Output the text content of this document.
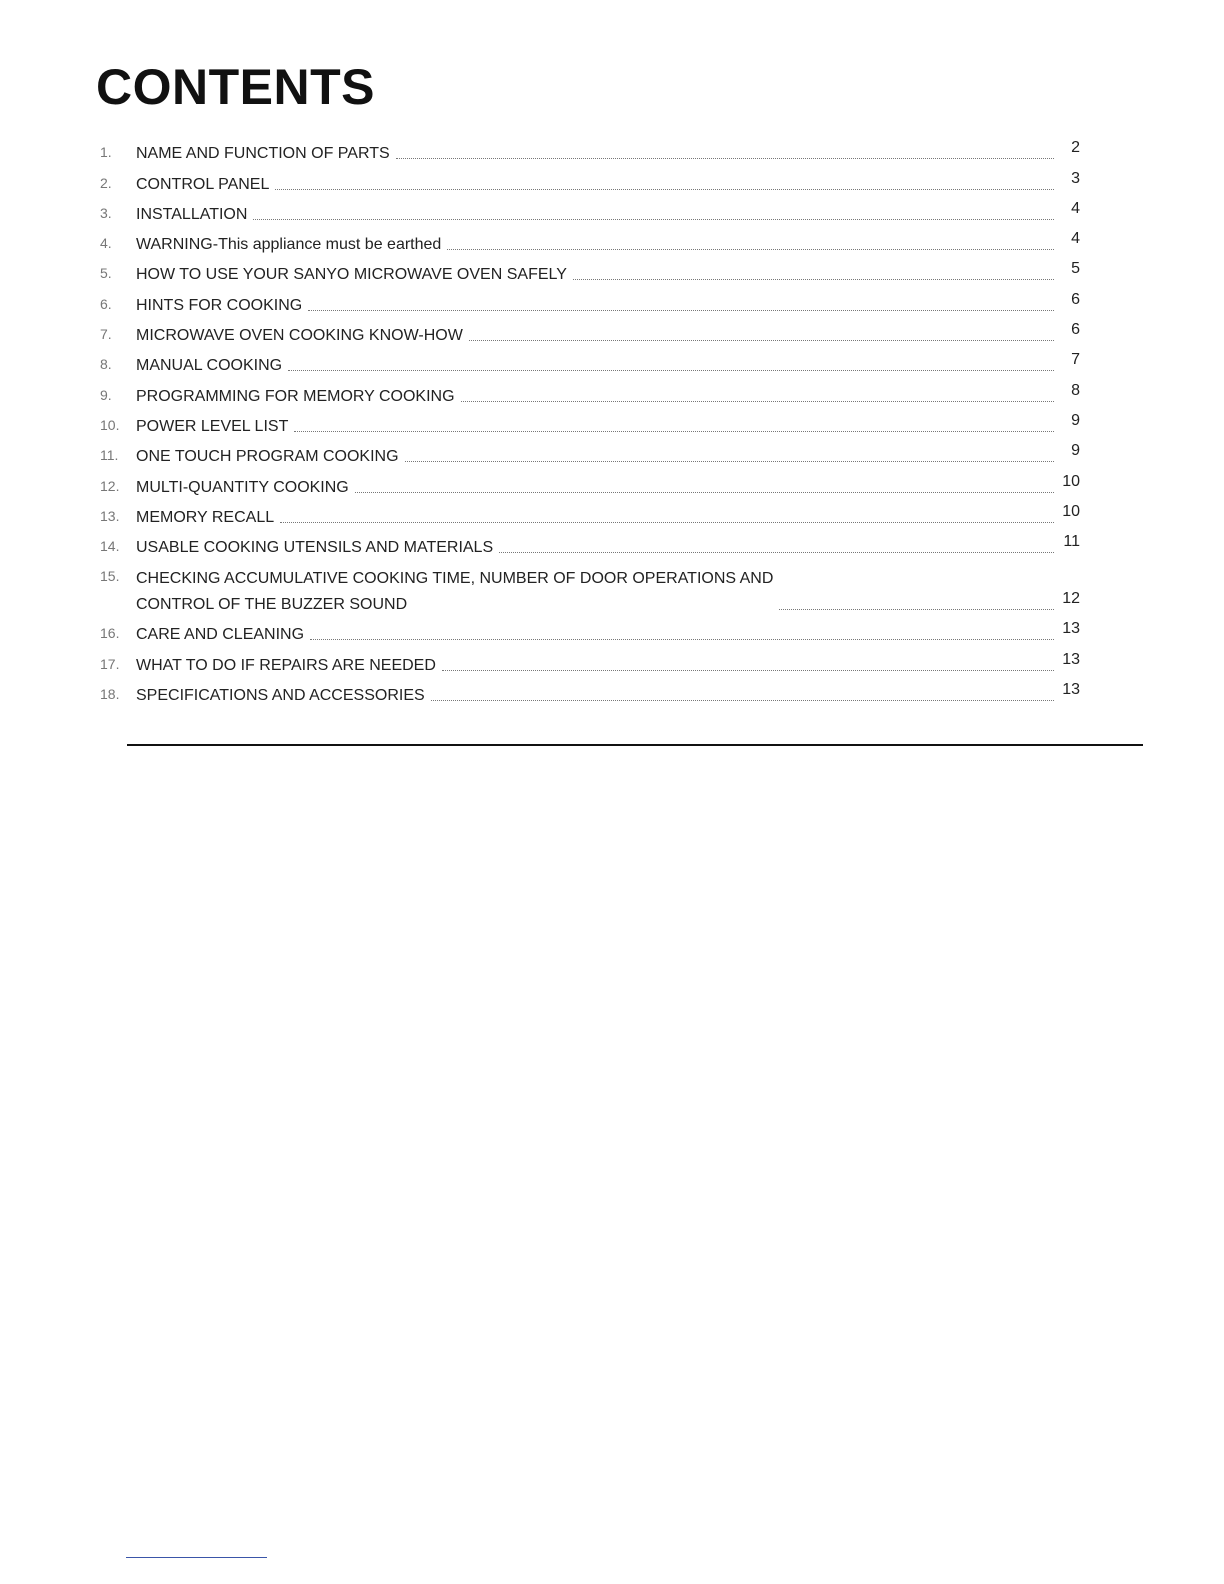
CONTENTS
1.	NAME AND FUNCTION OF PARTS	2
2.	CONTROL PANEL	3
3.	INSTALLATION	4
4.	WARNING-This appliance must be earthed	4
5.	HOW TO USE YOUR SANYO MICROWAVE OVEN SAFELY	5
6.	HINTS FOR COOKING	6
7.	MICROWAVE OVEN COOKING KNOW-HOW	6
8.	MANUAL COOKING	7
9.	PROGRAMMING FOR MEMORY COOKING	8
10.	POWER LEVEL LIST	9
11.	ONE TOUCH PROGRAM COOKING	9
12.	MULTI-QUANTITY COOKING	10
13.	MEMORY RECALL	10
14.	USABLE COOKING UTENSILS AND MATERIALS	11
15.	CHECKING ACCUMULATIVE COOKING TIME, NUMBER OF DOOR OPERATIONS AND
CONTROL OF THE BUZZER SOUND	12
16.	CARE AND CLEANING	13
17.	WHAT TO DO IF REPAIRS ARE NEEDED	13
18.	SPECIFICATIONS AND ACCESSORIES	13
